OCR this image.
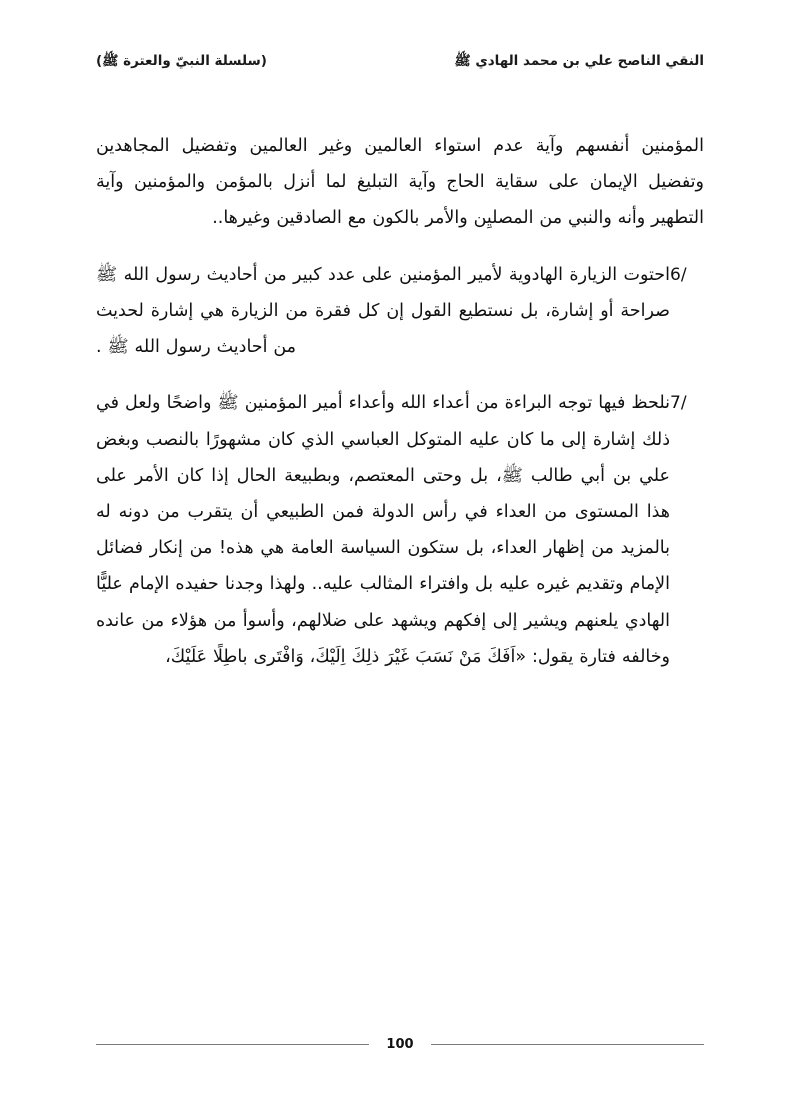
(سلسلة النبيّ والعترة ﷺ)	النقي الناصح علي بن محمد الهادي ﷺ
المؤمنين أنفسهم وآية عدم استواء العالمين وغير العالمين وتفضيل المجاهدين وتفضيل الإيمان على سقاية الحاج وآية التبليغ لما أنزل بالمؤمن والمؤمنين وآية التطهير وأنه والنبي من المصليِن والأمر بالكون مع الصادقين وغيرها..
6/
احتوت الزيارة الهادوية لأمير المؤمنين على عدد كبير من أحاديث رسول الله ﷺ صراحة أو إشارة، بل نستطيع القول إن كل فقرة من الزيارة هي إشارة لحديث من أحاديث رسول الله ﷺ .
7/
نلحظ فيها توجه البراءة من أعداء الله وأعداء أمير المؤمنين ﷺ واضحًا ولعل في ذلك إشارة إلى ما كان عليه المتوكل العباسي الذي كان مشهورًا بالنصب وبغض علي بن أبي طالب ﷺ، بل وحتى المعتصم، وبطبيعة الحال إذا كان الأمر على هذا المستوى من العداء في رأس الدولة فمن الطبيعي أن يتقرب من دونه له بالمزيد من إظهار العداء، بل ستكون السياسة العامة هي هذه! من إنكار فضائل الإمام وتقديم غيره عليه بل وافتراء المثالب عليه.. ولهذا وجدنا حفيده الإمام عليًّا الهادي يلعنهم ويشير إلى إفكهم ويشهد على ضلالهم، وأسوأ من هؤلاء من عانده وخالفه فتارة يقول: «اَفَكَ مَنْ نَسَبَ غَيْرَ ذلِكَ اِلَيْكَ، وَافْتَرى باطِلًا عَلَيْكَ،
100
